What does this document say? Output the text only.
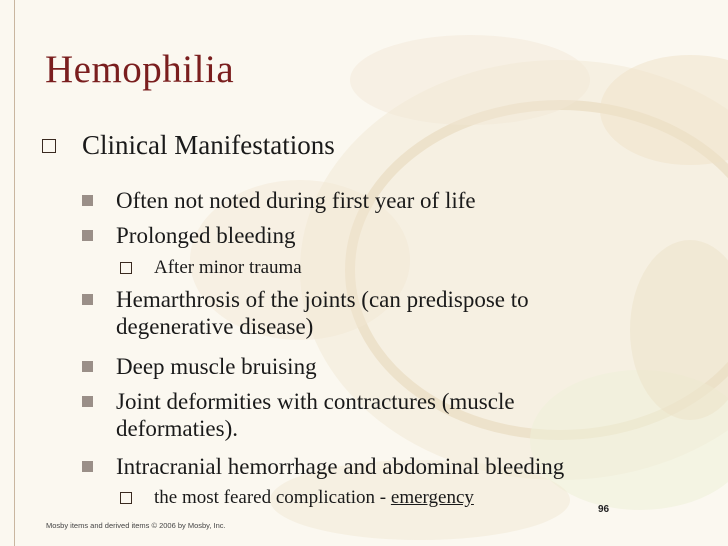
Hemophilia
Clinical Manifestations
Often not noted during first year of life
Prolonged bleeding
After minor trauma
Hemarthrosis of the joints (can predispose to degenerative disease)
Deep muscle bruising
Joint deformities with contractures (muscle deformaties).
Intracranial hemorrhage and abdominal bleeding
the most feared complication - emergency
96
Mosby items and derived items © 2006 by Mosby, Inc.
